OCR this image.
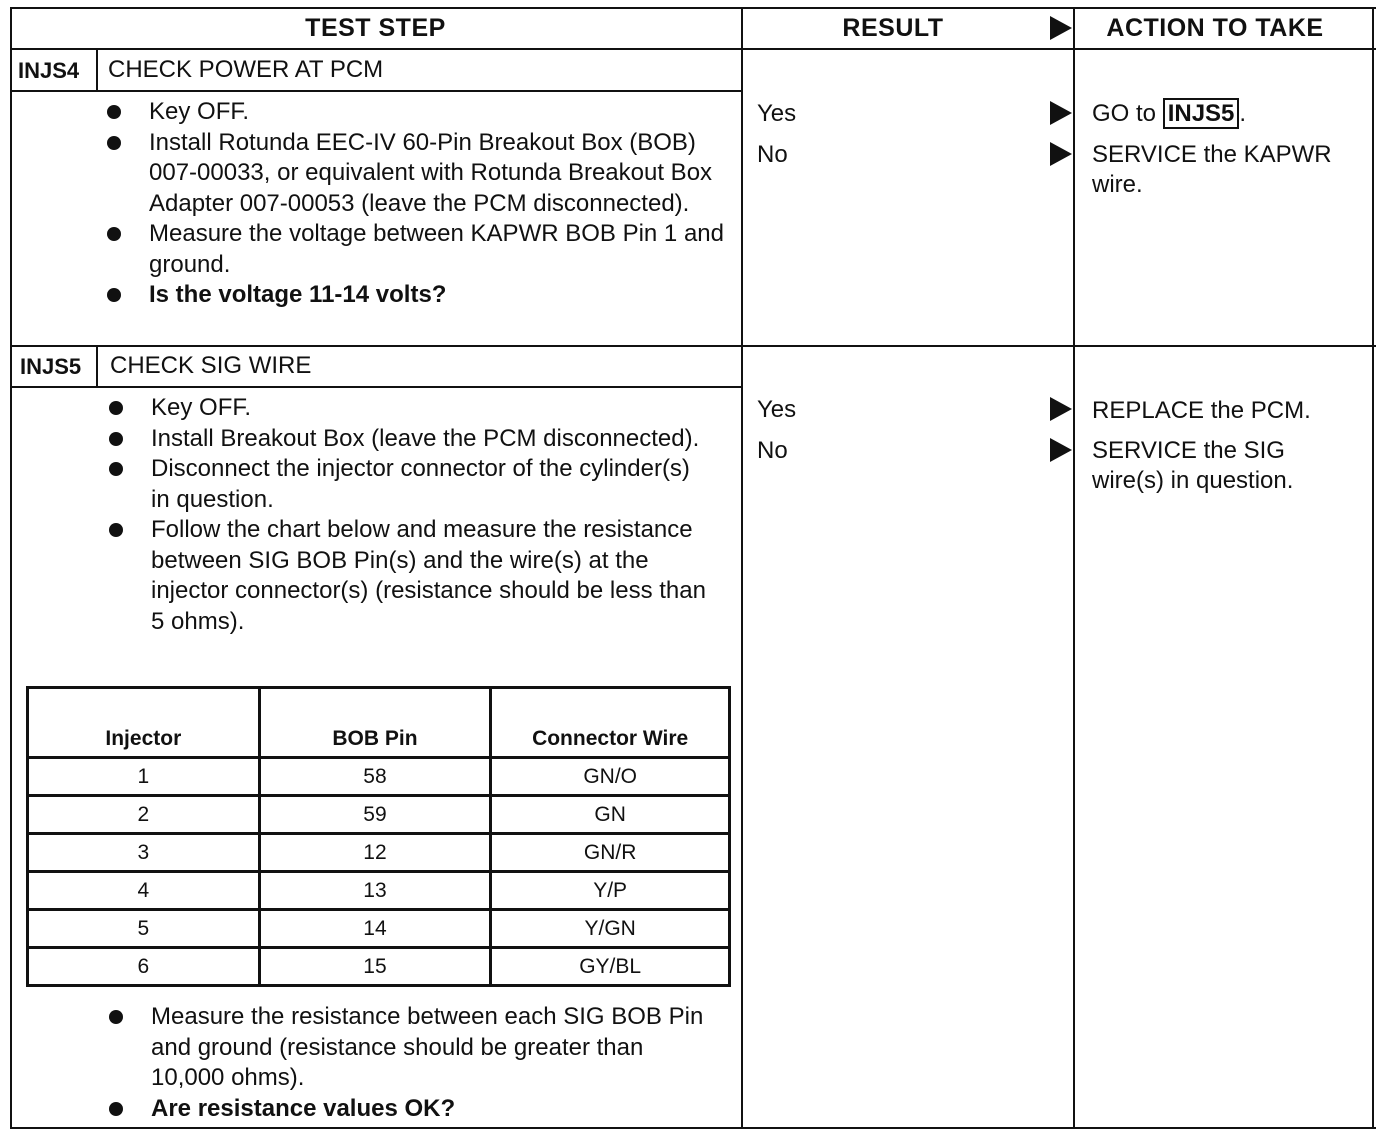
TEST STEP	RESULT	ACTION TO TAKE
INJS4 CHECK POWER AT PCM
Key OFF.
Install Rotunda EEC-IV 60-Pin Breakout Box (BOB) 007-00033, or equivalent with Rotunda Breakout Box Adapter 007-00053 (leave the PCM disconnected).
Measure the voltage between KAPWR BOB Pin 1 and ground.
Is the voltage 11-14 volts?
Yes	GO to INJS5 .
No	SERVICE the KAPWR wire.
INJS5 CHECK SIG WIRE
Key OFF.
Install Breakout Box (leave the PCM disconnected).
Disconnect the injector connector of the cylinder(s) in question.
Follow the chart below and measure the resistance between SIG BOB Pin(s) and the wire(s) at the injector connector(s) (resistance should be less than 5 ohms).
Injector	BOB Pin	Connector Wire
1	58	GN/O
2	59	GN
3	12	GN/R
4	13	Y/P
5	14	Y/GN
6	15	GY/BL
Measure the resistance between each SIG BOB Pin and ground (resistance should be greater than 10,000 ohms).
Are resistance values OK?
Yes	REPLACE the PCM.
No	SERVICE the SIG wire(s) in question.
